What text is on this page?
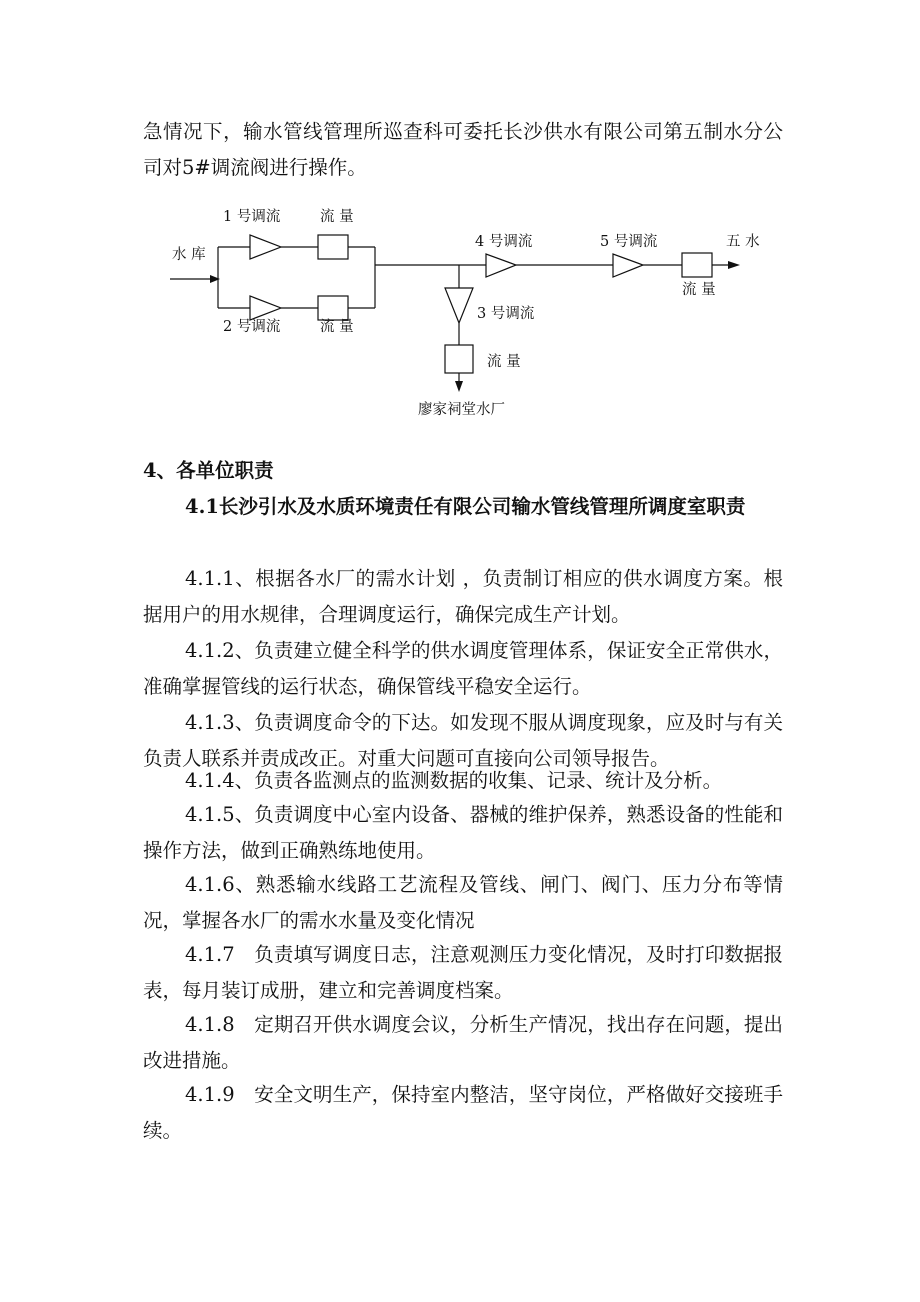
急情况下，输水管线管理所巡查科可委托长沙供水有限公司第五制水分公司对5#调流阀进行操作。

水 库
1 号调流	流 量
2 号调流	流 量
4 号调流	5 号调流	五 水
流 量
3 号调流
流 量
廖家祠堂水厂

4、各单位职责

4.1长沙引水及水质环境责任有限公司输水管线管理所调度室职责

4.1.1、根据各水厂的需水计划 ，负责制订相应的供水调度方案。根据用户的用水规律，合理调度运行，确保完成生产计划。

4.1.2、负责建立健全科学的供水调度管理体系，保证安全正常供水，准确掌握管线的运行状态，确保管线平稳安全运行。

4.1.3、负责调度命令的下达。如发现不服从调度现象，应及时与有关负责人联系并责成改正。对重大问题可直接向公司领导报告。

4.1.4、负责各监测点的监测数据的收集、记录、统计及分析。

4.1.5、负责调度中心室内设备、器械的维护保养，熟悉设备的性能和操作方法，做到正确熟练地使用。

4.1.6、熟悉输水线路工艺流程及管线、闸门、阀门、压力分布等情况，掌握各水厂的需水水量及变化情况

4.1.7　负责填写调度日志，注意观测压力变化情况，及时打印数据报表，每月装订成册，建立和完善调度档案。

4.1.8　定期召开供水调度会议，分析生产情况，找出存在问题，提出改进措施。

4.1.9　安全文明生产，保持室内整洁，坚守岗位，严格做好交接班手续。
